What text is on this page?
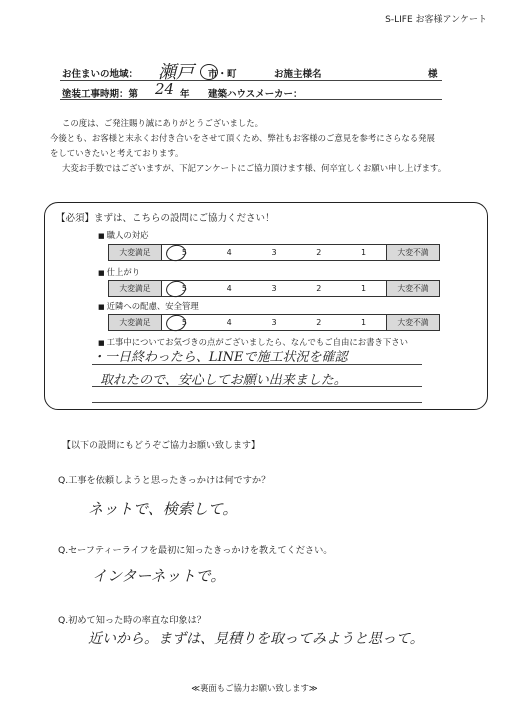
S-LIFE お客様アンケート
お住まいの地域： 瀬戸 市・町	お施主様名	様
塗装工事時期：第 24 年 建築ハウスメーカー：
この度は、ご発注賜り誠にありがとうございました。
今後とも、お客様と末永くお付き合いをさせて頂くため、弊社もお客様のご意見を参考にさらなる発展
をしていきたいと考えております。
大変お手数ではございますが、下記アンケートにご協力頂けます様、何卒宜しくお願い申し上げます。
【必須】まずは、こちらの設問にご協力ください！
■ 職人の対応
大変満足	5	4	3	2	1	大変不満
■ 仕上がり
大変満足	5	4	3	2	1	大変不満
■ 近隣への配慮、安全管理
大変満足	5	4	3	2	1	大変不満
■ 工事中についてお気づきの点がございましたら、なんでもご自由にお書き下さい
・一日終わったら、LINEで施工状況を確認
取れたので、安心してお願い出来ました。
【以下の設問にもどうぞご協力お願い致します】
Q.工事を依頼しようと思ったきっかけは何ですか？
ネットで、検索して。
Q.セーフティーライフを最初に知ったきっかけを教えてください。
インターネットで。
Q.初めて知った時の率直な印象は？
近いから。まずは、見積りを取ってみようと思って。
≪裏面もご協力お願い致します≫
